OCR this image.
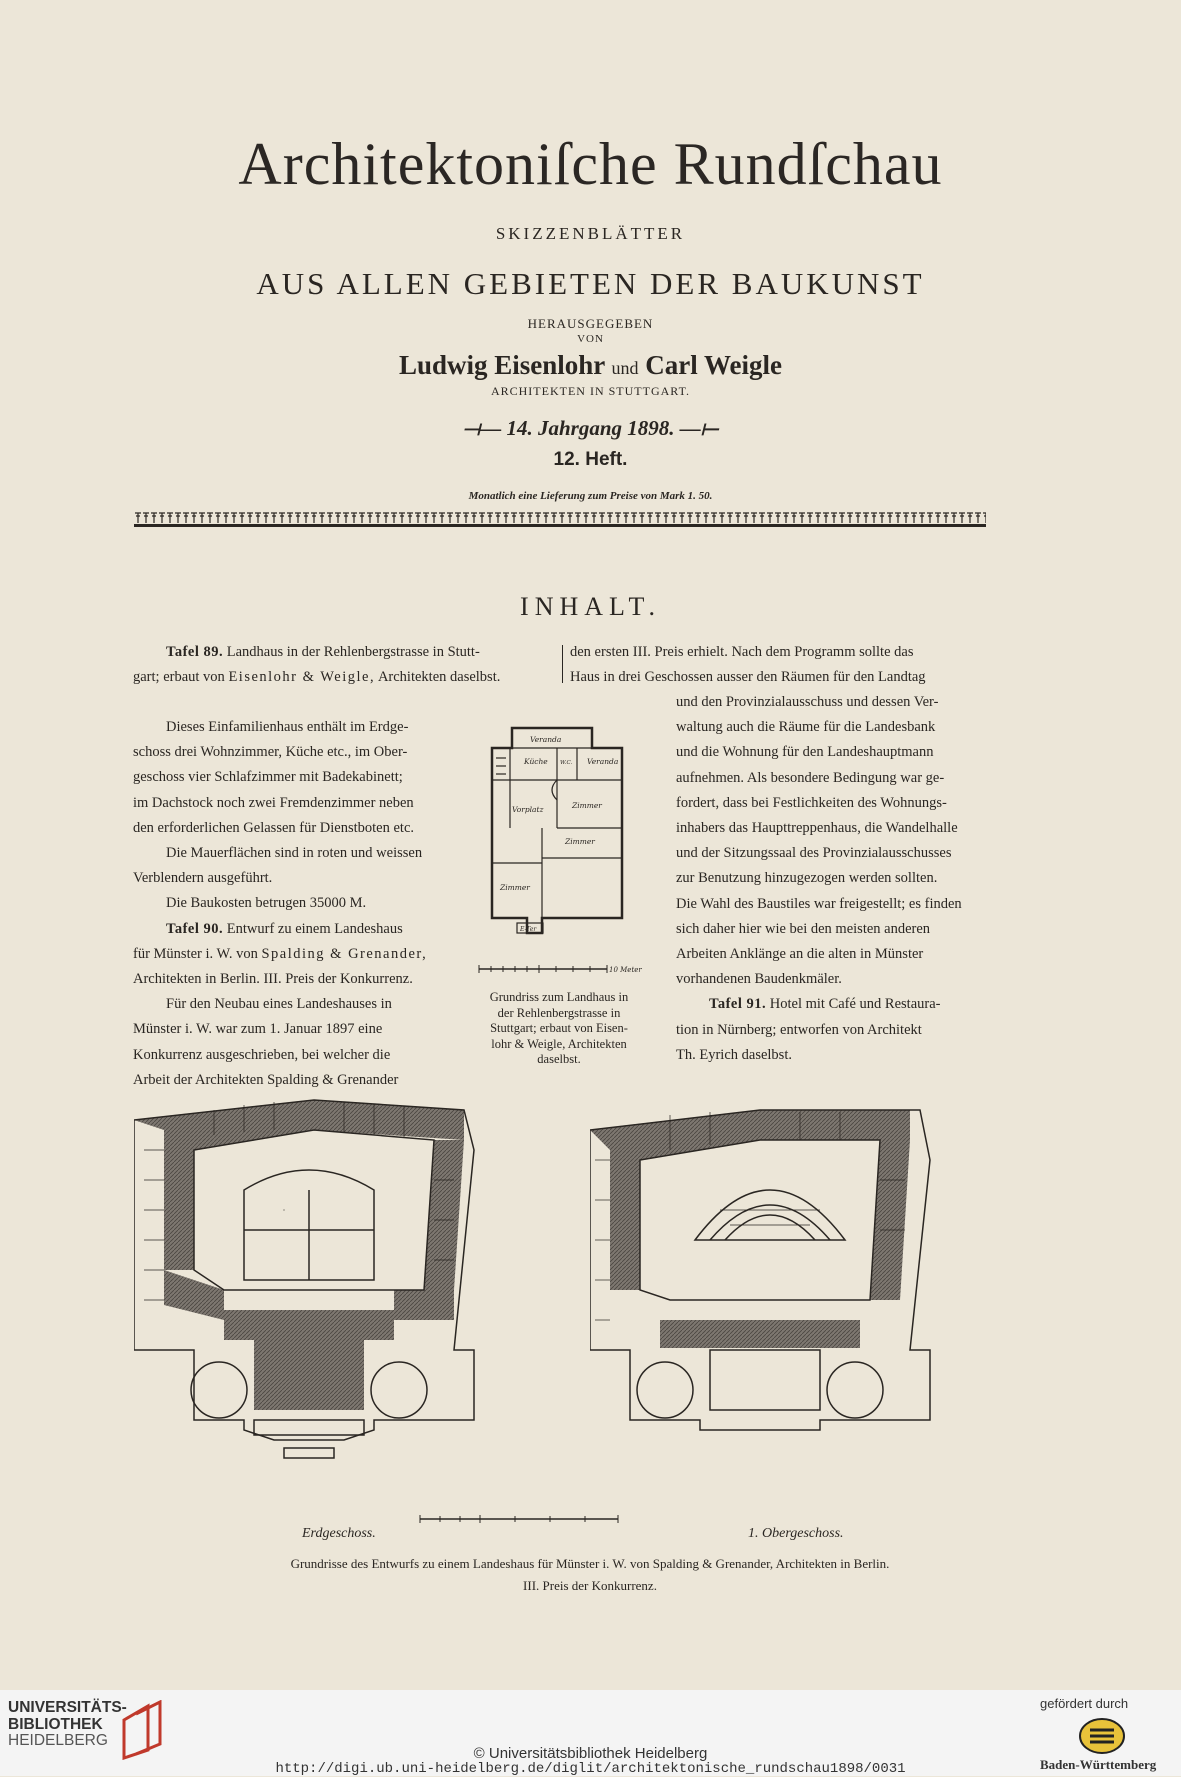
Architektoniſche Rundſchau
SKIZZENBLÄTTER
AUS ALLEN GEBIETEN DER BAUKUNST
HERAUSGEGEBEN
VON
Ludwig Eisenlohr und Carl Weigle
ARCHITEKTEN IN STUTTGART.
⟞— 14. Jahrgang 1898. —⟝
12. Heft.
Monatlich eine Lieferung zum Preise von Mark 1. 50.
INHALT.

Tafel 89. Landhaus in der Rehlenbergstrasse in Stutt-

gart; erbaut von Eisenlohr & Weigle, Architekten daselbst.

Dieses Einfamilienhaus enthält im Erdge-

schoss drei Wohnzimmer, Küche etc., im Ober-

geschoss vier Schlafzimmer mit Badekabinett;

im Dachstock noch zwei Fremdenzimmer neben

den erforderlichen Gelassen für Dienstboten etc.

Die Mauerflächen sind in roten und weissen

Verblendern ausgeführt.

Die Baukosten betrugen 35000 M.

Tafel 90. Entwurf zu einem Landeshaus

für Münster i. W. von Spalding & Grenander,

Architekten in Berlin. III. Preis der Konkurrenz.

Für den Neubau eines Landeshauses in

Münster i. W. war zum 1. Januar 1897 eine

Konkurrenz ausgeschrieben, bei welcher die

Arbeit der Architekten Spalding & Grenander

den ersten III. Preis erhielt. Nach dem Programm sollte das

Haus in drei Geschossen ausser den Räumen für den Landtag

und den Provinzialausschuss und dessen Ver-

waltung auch die Räume für die Landesbank

und die Wohnung für den Landeshauptmann

aufnehmen. Als besondere Bedingung war ge-

fordert, dass bei Festlichkeiten des Wohnungs-

inhabers das Haupttreppenhaus, die Wandelhalle

und der Sitzungssaal des Provinzialausschusses

zur Benutzung hinzugezogen werden sollten.

Die Wahl des Baustiles war freigestellt; es finden

sich daher hier wie bei den meisten anderen

Arbeiten Anklänge an die alten in Münster

vorhandenen Baudenkmäler.

Tafel 91. Hotel mit Café und Restaura-

tion in Nürnberg; entworfen von Architekt

Th. Eyrich daselbst.

Veranda
Küche	Veranda
Vorplatz	Zimmer
Zimmer
Zimmer
E-Ter
W.C.
10 Meter
Grundriss zum Landhaus in
der Rehlenbergstrasse in
Stuttgart; erbaut von Eisen-
lohr & Weigle, Architekten
daselbst.
Erdgeschoss.	1. Obergeschoss.
Grundrisse des Entwurfs zu einem Landeshaus für Münster i. W. von Spalding & Grenander, Architekten in Berlin.
III. Preis der Konkurrenz.
UNIVERSITÄTS-
BIBLIOTHEK
HEIDELBERG
© Universitätsbibliothek Heidelberg
http://digi.ub.uni-heidelberg.de/diglit/architektonische_rundschau1898/0031
gefördert durch
Baden-Württemberg
